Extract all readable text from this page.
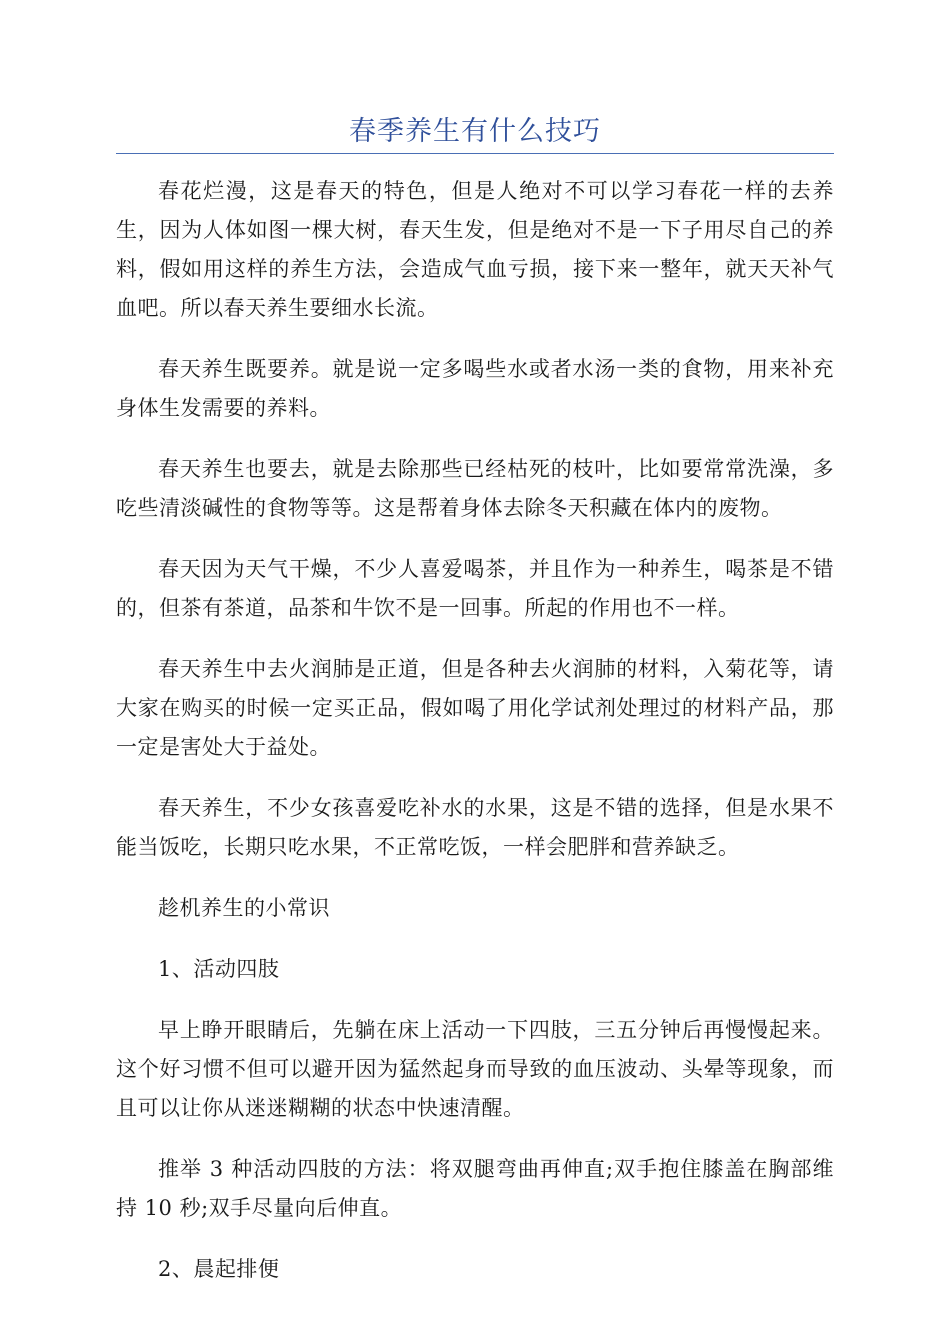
春季养生有什么技巧

春花烂漫，这是春天的特色，但是人绝对不可以学习春花一样的去养生，因为人体如图一棵大树，春天生发，但是绝对不是一下子用尽自己的养料，假如用这样的养生方法，会造成气血亏损，接下来一整年，就天天补气血吧。所以春天养生要细水长流。

春天养生既要养。就是说一定多喝些水或者水汤一类的食物，用来补充身体生发需要的养料。

春天养生也要去，就是去除那些已经枯死的枝叶，比如要常常洗澡，多吃些清淡碱性的食物等等。这是帮着身体去除冬天积藏在体内的废物。

春天因为天气干燥，不少人喜爱喝茶，并且作为一种养生，喝茶是不错的，但茶有茶道，品茶和牛饮不是一回事。所起的作用也不一样。

春天养生中去火润肺是正道，但是各种去火润肺的材料，入菊花等，请大家在购买的时候一定买正品，假如喝了用化学试剂处理过的材料产品，那一定是害处大于益处。

春天养生，不少女孩喜爱吃补水的水果，这是不错的选择，但是水果不能当饭吃，长期只吃水果，不正常吃饭，一样会肥胖和营养缺乏。

趁机养生的小常识

1、活动四肢

早上睁开眼睛后，先躺在床上活动一下四肢，三五分钟后再慢慢起来。这个好习惯不但可以避开因为猛然起身而导致的血压波动、头晕等现象，而且可以让你从迷迷糊糊的状态中快速清醒。

推举 3 种活动四肢的方法：将双腿弯曲再伸直;双手抱住膝盖在胸部维持 10 秒;双手尽量向后伸直。

2、晨起排便
